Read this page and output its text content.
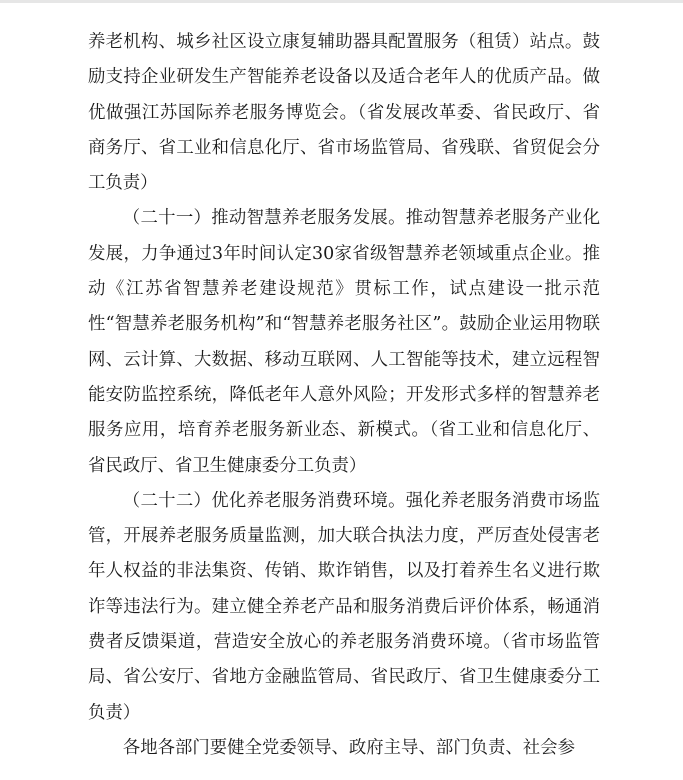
养老机构、城乡社区设立康复辅助器具配置服务（租赁）站点。鼓励支持企业研发生产智能养老设备以及适合老年人的优质产品。做优做强江苏国际养老服务博览会。（省发展改革委、省民政厅、省商务厅、省工业和信息化厅、省市场监管局、省残联、省贸促会分工负责）

（二十一）推动智慧养老服务发展。推动智慧养老服务产业化发展，力争通过3年时间认定30家省级智慧养老领域重点企业。推动《江苏省智慧养老建设规范》贯标工作，试点建设一批示范性“智慧养老服务机构”和“智慧养老服务社区”。鼓励企业运用物联网、云计算、大数据、移动互联网、人工智能等技术，建立远程智能安防监控系统，降低老年人意外风险；开发形式多样的智慧养老服务应用，培育养老服务新业态、新模式。（省工业和信息化厅、省民政厅、省卫生健康委分工负责）

（二十二）优化养老服务消费环境。强化养老服务消费市场监管，开展养老服务质量监测，加大联合执法力度，严厉查处侵害老年人权益的非法集资、传销、欺诈销售，以及打着养生名义进行欺诈等违法行为。建立健全养老产品和服务消费后评价体系，畅通消费者反馈渠道，营造安全放心的养老服务消费环境。（省市场监管局、省公安厅、省地方金融监管局、省民政厅、省卫生健康委分工负责）

各地各部门要健全党委领导、政府主导、部门负责、社会参
